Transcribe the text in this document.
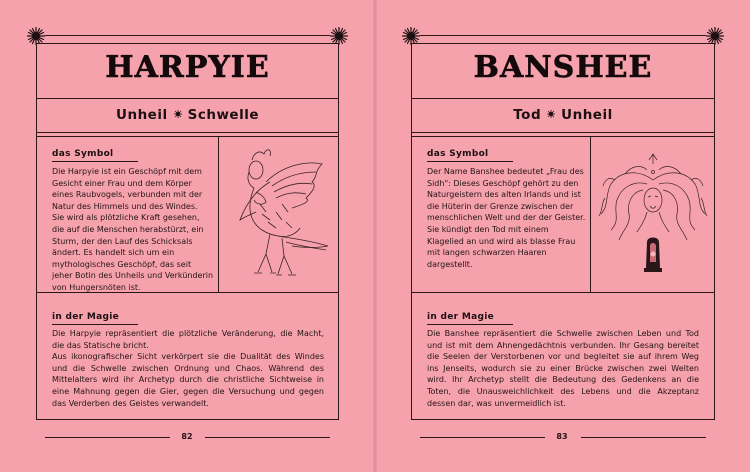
HARPYIE
Unheil Schwelle
das Symbol

Die Harpyie ist ein Geschöpf mit dem Gesicht einer Frau und dem Körper eines Raubvogels, verbunden mit der Natur des Himmels und des Windes.

Sie wird als plötzliche Kraft gesehen, die auf die Menschen herabstürzt, ein Sturm, der den Lauf des Schicksals ändert. Es handelt sich um ein mythologisches Geschöpf, das seit jeher Botin des Unheils und Verkünderin von Hungersnöten ist.

in der Magie

Die Harpyie repräsentiert die plötzliche Veränderung, die Macht, die das Statische bricht.

Aus ikonografischer Sicht verkörpert sie die Dualität des Windes und die Schwelle zwischen Ordnung und Chaos. Während des Mittelalters wird ihr Archetyp durch die christliche Sichtweise in eine Mahnung gegen die Gier, gegen die Versuchung und gegen das Verderben des Geistes verwandelt.

82
BANSHEE
Tod Unheil
das Symbol

Der Name Banshee bedeutet „Frau des Sidh": Dieses Geschöpf gehört zu den Naturgeistern des alten Irlands und ist die Hüterin der Grenze zwischen der menschlichen Welt und der der Geister.

Sie kündigt den Tod mit einem Klagelied an und wird als blasse Frau mit langen schwarzen Haaren dargestellt.

in der Magie

Die Banshee repräsentiert die Schwelle zwischen Leben und Tod und ist mit dem Ahnengedächtnis verbunden. Ihr Gesang bereitet die Seelen der Verstorbenen vor und begleitet sie auf ihrem Weg ins Jenseits, wodurch sie zu einer Brücke zwischen zwei Welten wird. Ihr Archetyp stellt die Bedeutung des Gedenkens an die Toten, die Unausweichlichkeit des Lebens und die Akzeptanz dessen dar, was unvermeidlich ist.

83
